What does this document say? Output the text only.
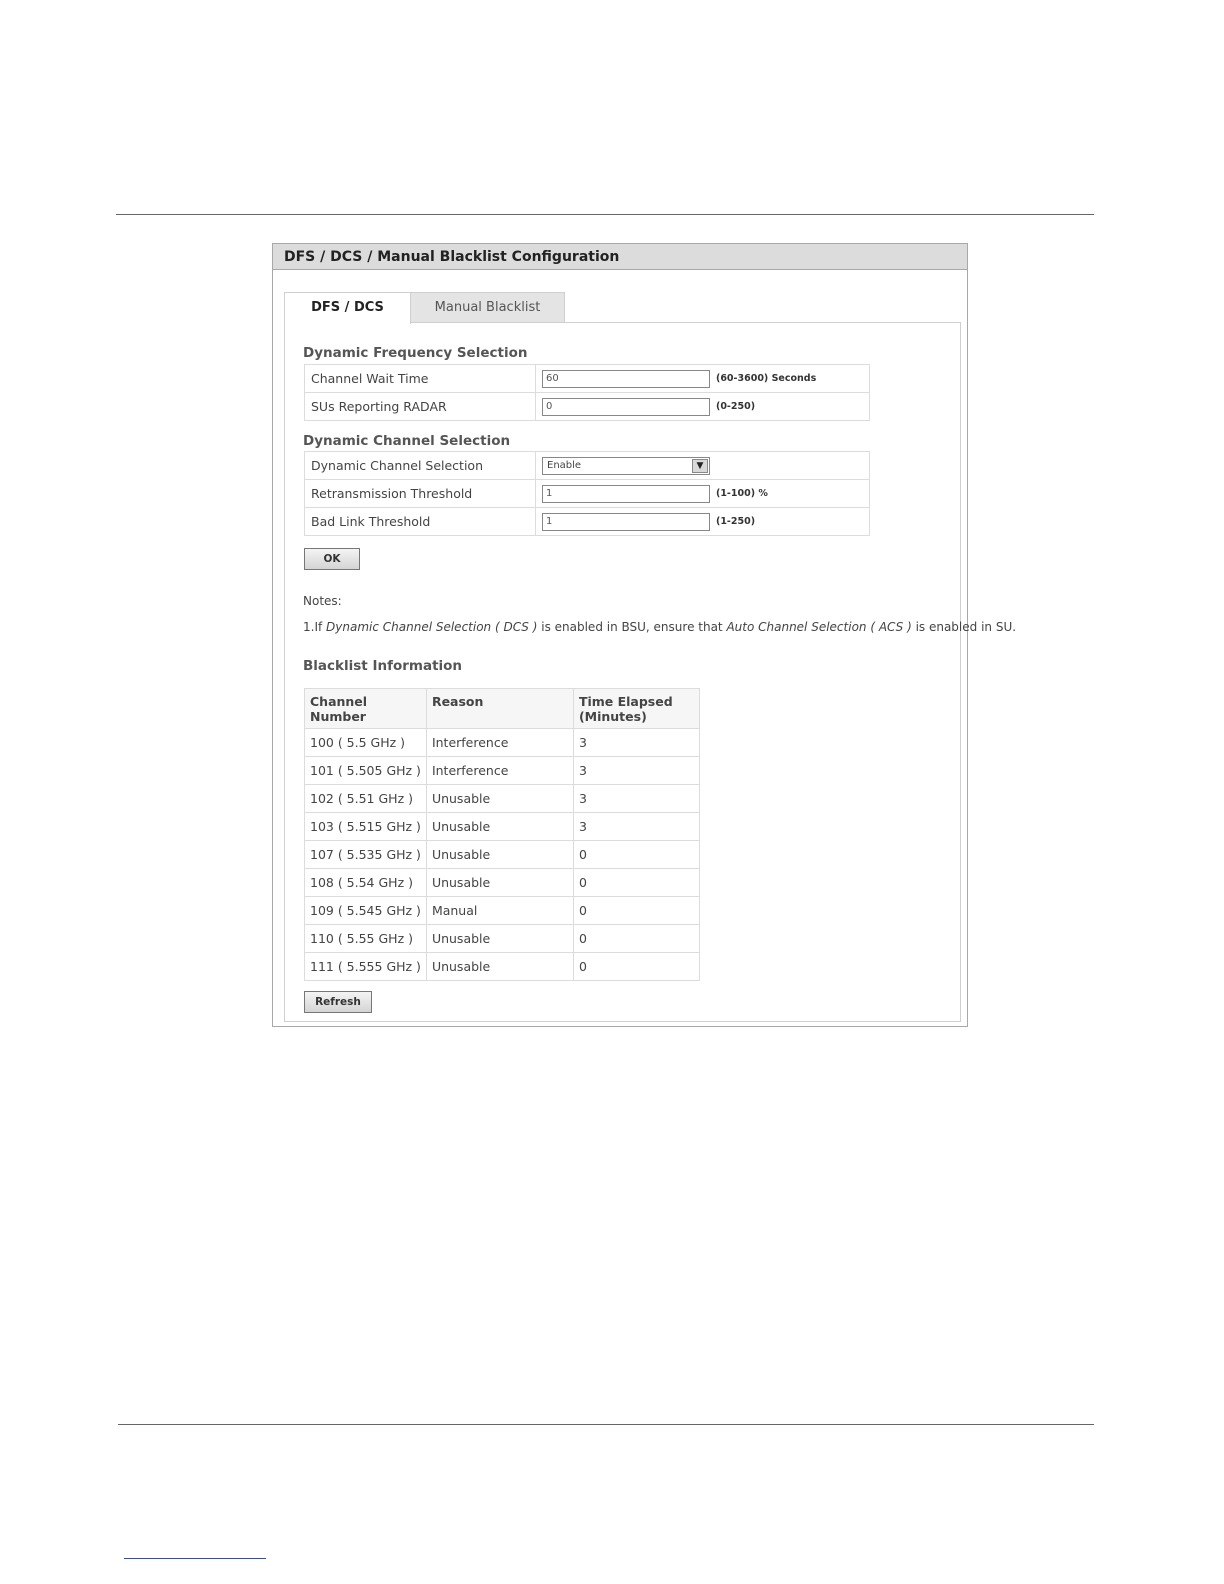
DFS / DCS / Manual Blacklist Configuration
DFS / DCS	Manual Blacklist
Dynamic Frequency Selection
Channel Wait Time	60(60-3600) Seconds
SUs Reporting RADAR	0(0-250)
Dynamic Channel Selection
Dynamic Channel Selection	Enable ▼

Retransmission Threshold	1(1-100) %
Bad Link Threshold	1(1-250)
OK
Notes:
1.If Dynamic Channel Selection ( DCS ) is enabled in BSU, ensure that Auto Channel Selection ( ACS ) is enabled in SU.
Blacklist Information
Channel Number	Reason	Time Elapsed (Minutes)
100 ( 5.5 GHz )	Interference	3
101 ( 5.505 GHz )	Interference	3
102 ( 5.51 GHz )	Unusable	3
103 ( 5.515 GHz )	Unusable	3
107 ( 5.535 GHz )	Unusable	0
108 ( 5.54 GHz )	Unusable	0
109 ( 5.545 GHz )	Manual	0
110 ( 5.55 GHz )	Unusable	0
111 ( 5.555 GHz )	Unusable	0
Refresh
